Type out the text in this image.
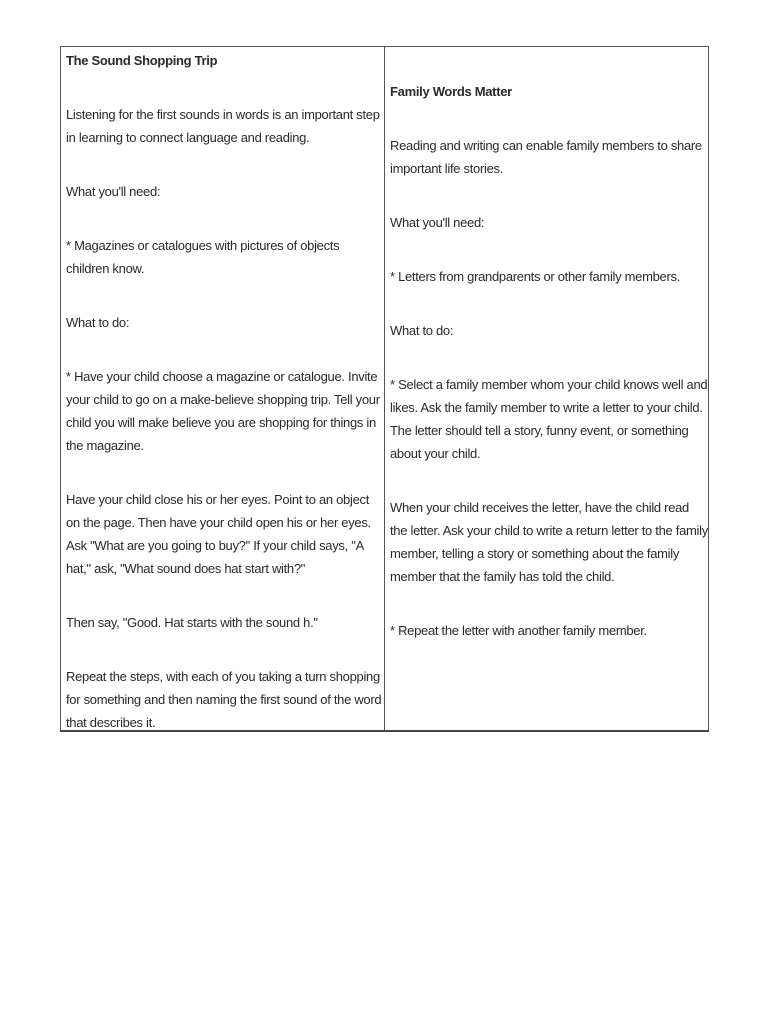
The Sound Shopping Trip
Listening for the first sounds in words is an important step in learning to connect language and reading.
What you'll need:
* Magazines or catalogues with pictures of objects children know.
What to do:
* Have your child choose a magazine or catalogue. Invite your child to go on a make-believe shopping trip. Tell your child you will make believe you are shopping for things in the magazine.
Have your child close his or her eyes. Point to an object on the page. Then have your child open his or her eyes. Ask "What are you going to buy?" If your child says, "A hat," ask, "What sound does hat start with?"
Then say, "Good. Hat starts with the sound h."
Repeat the steps, with each of you taking a turn shopping for something and then naming the first sound of the word that describes it.
Family Words Matter
Reading and writing can enable family members to share important life stories.
What you'll need:
* Letters from grandparents or other family members.
What to do:
* Select a family member whom your child knows well and likes. Ask the family member to write a letter to your child. The letter should tell a story, funny event, or something about your child.
When your child receives the letter, have the child read the letter. Ask your child to write a return letter to the family member, telling a story or something about the family member that the family has told the child.
* Repeat the letter with another family member.
